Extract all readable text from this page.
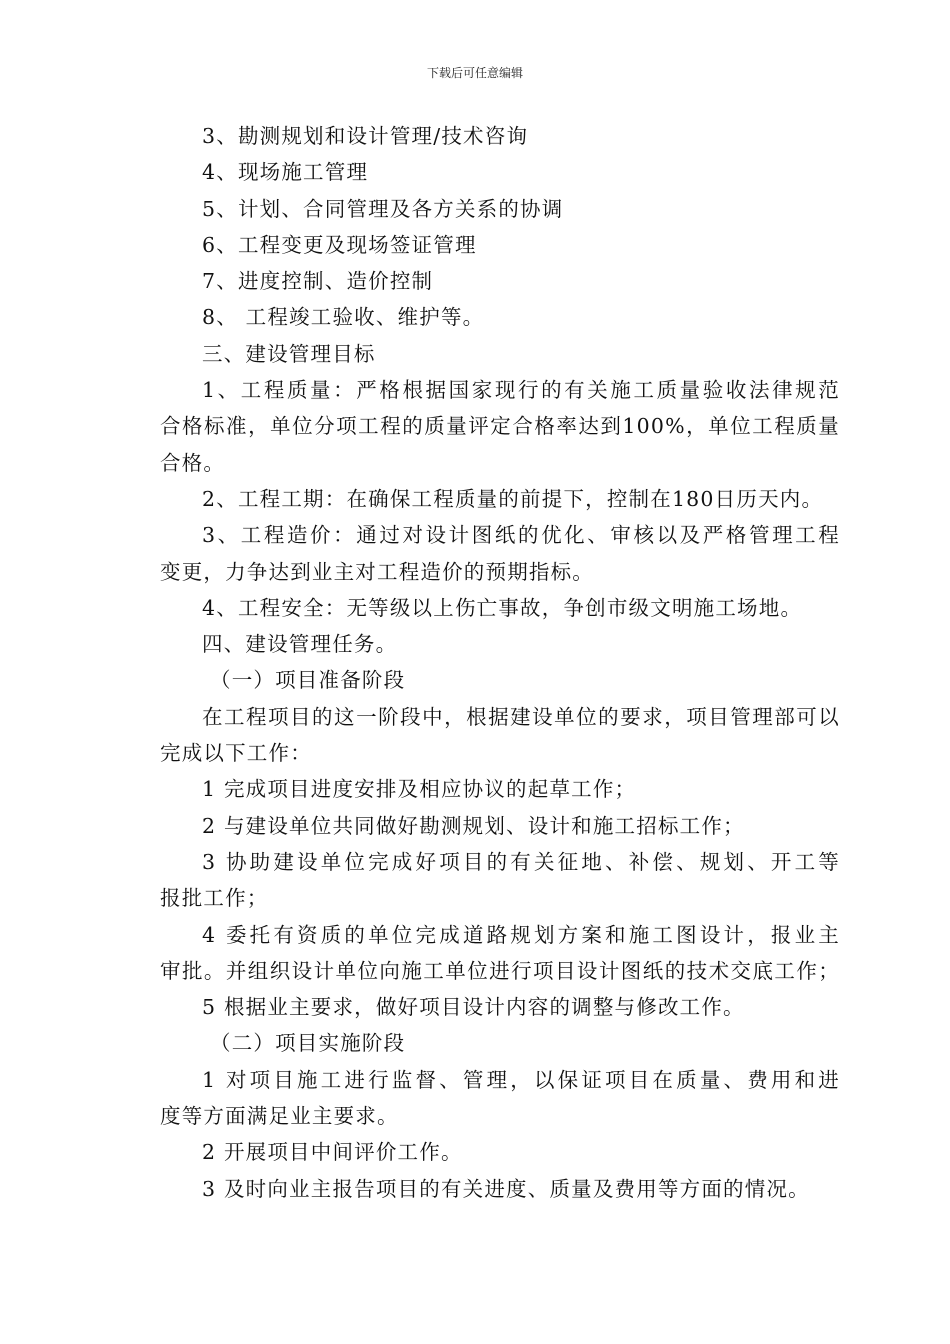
下载后可任意编辑
3、勘测规划和设计管理/技术咨询
4、现场施工管理
5、计划、合同管理及各方关系的协调
6、工程变更及现场签证管理
7、进度控制、造价控制
8、 工程竣工验收、维护等。
三、建设管理目标
1、工程质量：严格根据国家现行的有关施工质量验收法律规范
合格标准，单位分项工程的质量评定合格率达到100%，单位工程质量
合格。
2、工程工期：在确保工程质量的前提下，控制在180日历天内。
3、工程造价：通过对设计图纸的优化、审核以及严格管理工程
变更，力争达到业主对工程造价的预期指标。
4、工程安全：无等级以上伤亡事故，争创市级文明施工场地。
四、建设管理任务。
（一）项目准备阶段
在工程项目的这一阶段中，根据建设单位的要求，项目管理部可以
完成以下工作：
1 完成项目进度安排及相应协议的起草工作；
2 与建设单位共同做好勘测规划、设计和施工招标工作；
3 协助建设单位完成好项目的有关征地、补偿、规划、开工等
报批工作；
4 委托有资质的单位完成道路规划方案和施工图设计，报业主
审批。并组织设计单位向施工单位进行项目设计图纸的技术交底工作；
5 根据业主要求，做好项目设计内容的调整与修改工作。
（二）项目实施阶段
1 对项目施工进行监督、管理，以保证项目在质量、费用和进
度等方面满足业主要求。
2 开展项目中间评价工作。
3 及时向业主报告项目的有关进度、质量及费用等方面的情况。
